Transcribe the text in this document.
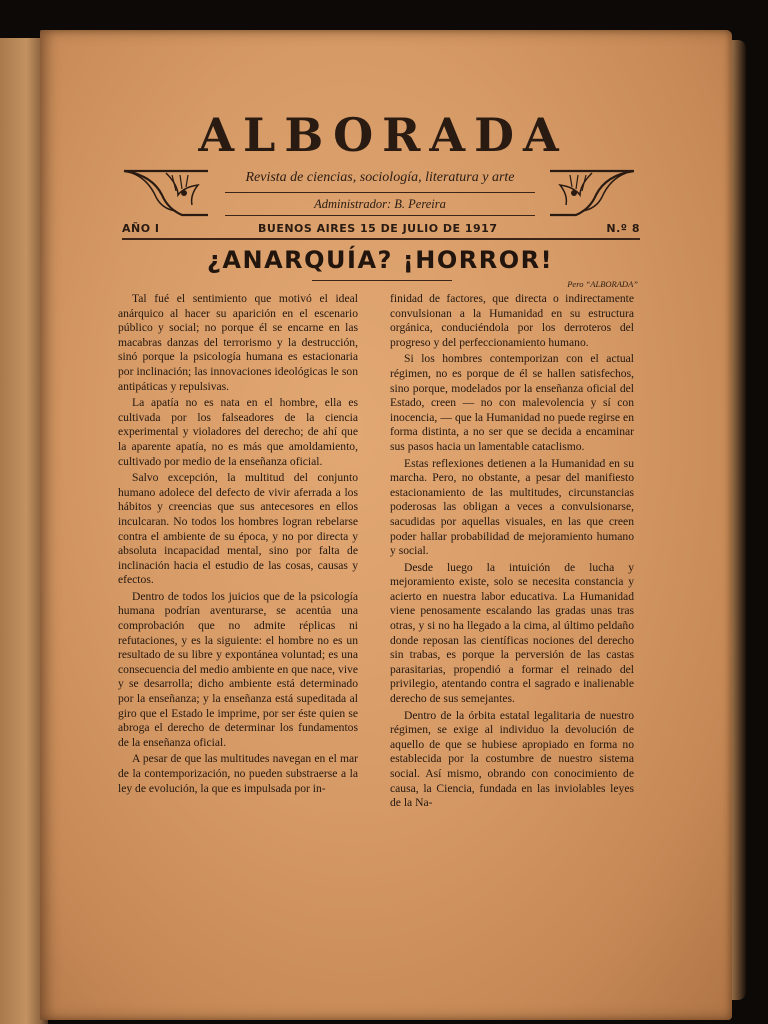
ALBORADA
Revista de ciencias, sociología, literatura y arte
Administrador: B. Pereira
AÑO I	BUENOS AIRES 15 DE JULIO DE 1917	N.º 8
¿ANARQUÍA? ¡HORROR!
Pero “ALBORADA”

Tal fué el sentimiento que motivó el ideal anárquico al hacer su aparición en el escenario público y social; no porque él se encarne en las macabras danzas del terrorismo y la destrucción, sinó porque la psicología humana es estacionaria por inclinación; las innovaciones ideológicas le son antipáticas y repulsivas.

La apatía no es nata en el hombre, ella es cultivada por los falseadores de la ciencia experimental y violadores del derecho; de ahí que la aparente apatía, no es más que amoldamiento, cultivado por medio de la enseñanza oficial.

Salvo excepción, la multitud del conjunto humano adolece del defecto de vivir aferrada a los hábitos y creencias que sus antecesores en ellos inculcaran. No todos los hombres logran rebelarse contra el ambiente de su época, y no por directa y absoluta incapacidad mental, sino por falta de inclinación hacia el estudio de las cosas, causas y efectos.

Dentro de todos los juicios que de la psicología humana podrían aventurarse, se acentúa una comprobación que no admite réplicas ni refutaciones, y es la siguiente: el hombre no es un resultado de su libre y expontánea voluntad; es una consecuencia del medio ambiente en que nace, vive y se desarrolla; dicho ambiente está determinado por la enseñanza; y la enseñanza está supeditada al giro que el Estado le imprime, por ser éste quien se abroga el derecho de determinar los fundamentos de la enseñanza oficial.

A pesar de que las multitudes navegan en el mar de la contemporización, no pueden substraerse a la ley de evolución, la que es impulsada por in-

finidad de factores, que directa o indirectamente convulsionan a la Humanidad en su estructura orgánica, conduciéndola por los derroteros del progreso y del perfeccionamiento humano.

Si los hombres contemporizan con el actual régimen, no es porque de él se hallen satisfechos, sino porque, modelados por la enseñanza oficial del Estado, creen — no con malevolencia y sí con inocencia, — que la Humanidad no puede regirse en forma distinta, a no ser que se decida a encaminar sus pasos hacia un lamentable cataclismo.

Estas reflexiones detienen a la Humanidad en su marcha. Pero, no obstante, a pesar del manifiesto estacionamiento de las multitudes, circunstancias poderosas las obligan a veces a convulsionarse, sacudidas por aquellas visuales, en las que creen poder hallar probabilidad de mejoramiento humano y social.

Desde luego la intuición de lucha y mejoramiento existe, solo se necesita constancia y acierto en nuestra labor educativa. La Humanidad viene penosamente escalando las gradas unas tras otras, y si no ha llegado a la cima, al último peldaño donde reposan las científicas nociones del derecho sin trabas, es porque la perversión de las castas parasitarias, propendió a formar el reinado del privilegio, atentando contra el sagrado e inalienable derecho de sus semejantes.

Dentro de la órbita estatal legalitaria de nuestro régimen, se exige al individuo la devolución de aquello de que se hubiese apropiado en forma no establecida por la costumbre de nuestro sistema social. Así mismo, obrando con conocimiento de causa, la Ciencia, fundada en las inviolables leyes de la Na-
